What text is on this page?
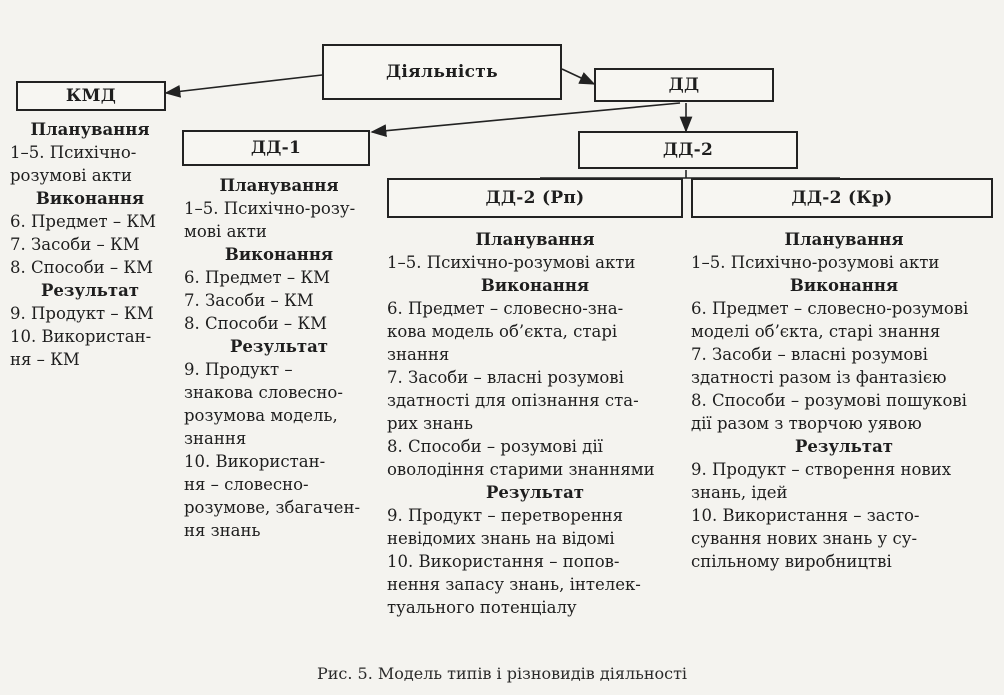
Діяльність
КМД
ДД
ДД-1	ДД-2
ДД-2 (Рп)	ДД-2 (Кр)
Планування
1–5. Психічно-
розумові акти
Виконання
6. Предмет – КМ
7. Засоби – КМ
8. Способи – КМ
Результат
9. Продукт – КМ
10. Використан-
ня – КМ
Планування
1–5. Психічно-розу-
мові акти
Виконання
6. Предмет – КМ
7. Засоби – КМ
8. Способи – КМ
Результат
9. Продукт –
знакова словесно-
розумова модель,
знання
10. Використан-
ня – словесно-
розумове, збагачен-
ня знань
Планування
1–5. Психічно-розумові акти
Виконання
6. Предмет – словесно-зна-
кова модель об’єкта, старі
знання
7. Засоби – власні розумові
здатності для опізнання ста-
рих знань
8. Способи – розумові дії
оволодіння старими знаннями
Результат
9. Продукт – перетворення
невідомих знань на відомі
10. Використання – попов-
нення запасу знань, інтелек-
туального потенціалу
Планування
1–5. Психічно-розумові акти
Виконання
6. Предмет – словесно-розумові
моделі об’єкта, старі знання
7. Засоби – власні розумові
здатності разом із фантазією
8. Способи – розумові пошукові
дії разом з творчою уявою
Результат
9. Продукт – створення нових
знань, ідей
10. Використання – засто-
сування нових знань у су-
спільному виробництві
Рис. 5. Модель типів і різновидів діяльності
